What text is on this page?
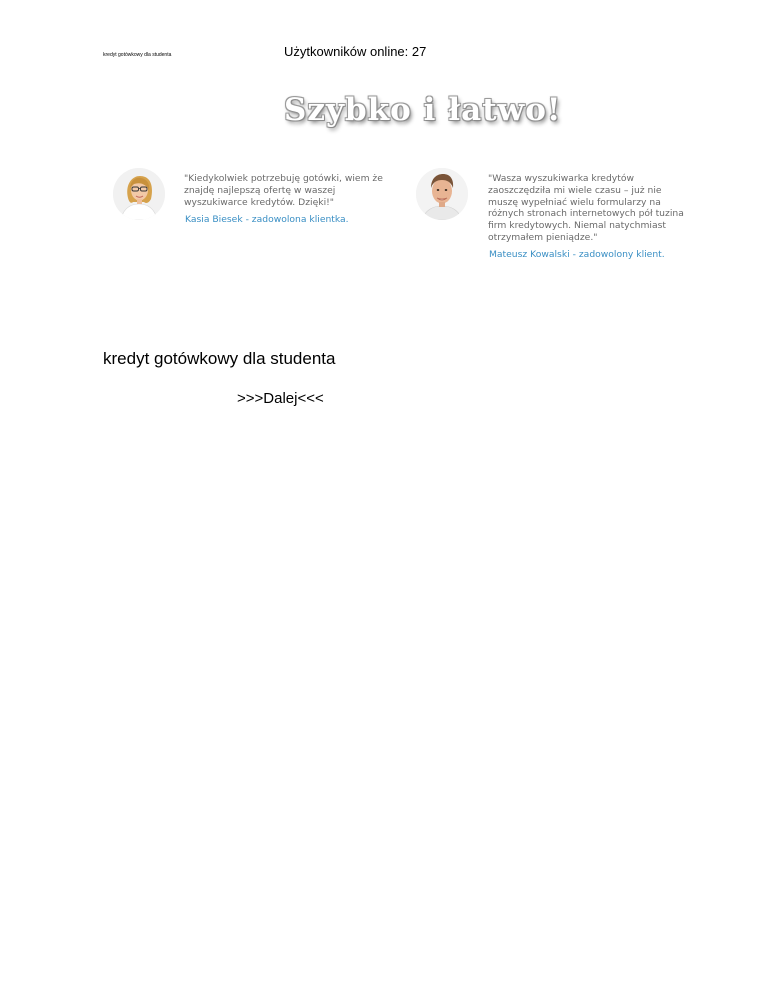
kredyt gotówkowy dla studenta	Użytkowników online: 27
Szybko i łatwo!
"Kiedykolwiek potrzebuję gotówki, wiem że
znajdę najlepszą ofertę w waszej
wyszukiwarce kredytów. Dzięki!"
Kasia Biesek - zadowolona klientka.
"Wasza wyszukiwarka kredytów
zaoszczędziła mi wiele czasu – już nie
muszę wypełniać wielu formularzy na
różnych stronach internetowych pół tuzina
firm kredytowych. Niemal natychmiast
otrzymałem pieniądze."
Mateusz Kowalski - zadowolony klient.
kredyt gotówkowy dla studenta
>>>Dalej<<<
